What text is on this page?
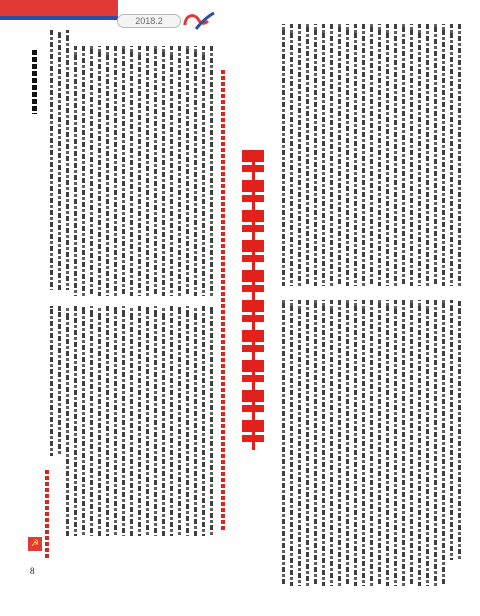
2018.2
☭
8
